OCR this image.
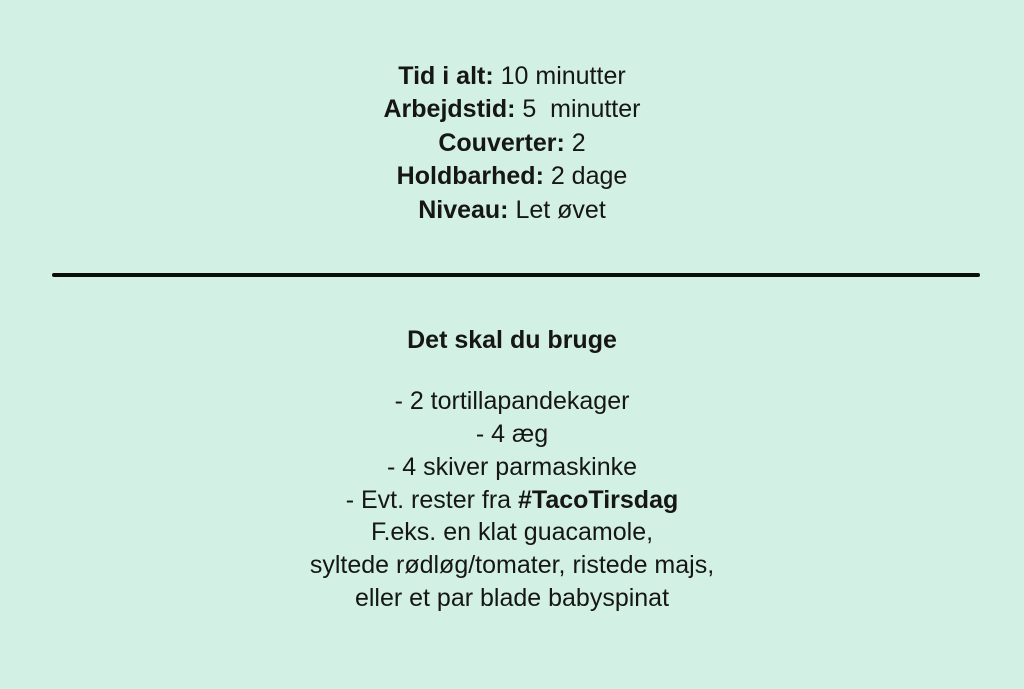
Tid i alt: 10 minutter
Arbejdstid: 5  minutter
Couverter: 2
Holdbarhed: 2 dage
Niveau: Let øvet
Det skal du bruge
- 2 tortillapandekager
- 4 æg
- 4 skiver parmaskinke
- Evt. rester fra #TacoTirsdag
F.eks. en klat guacamole,
syltede rødløg/tomater, ristede majs,
eller et par blade babyspinat
